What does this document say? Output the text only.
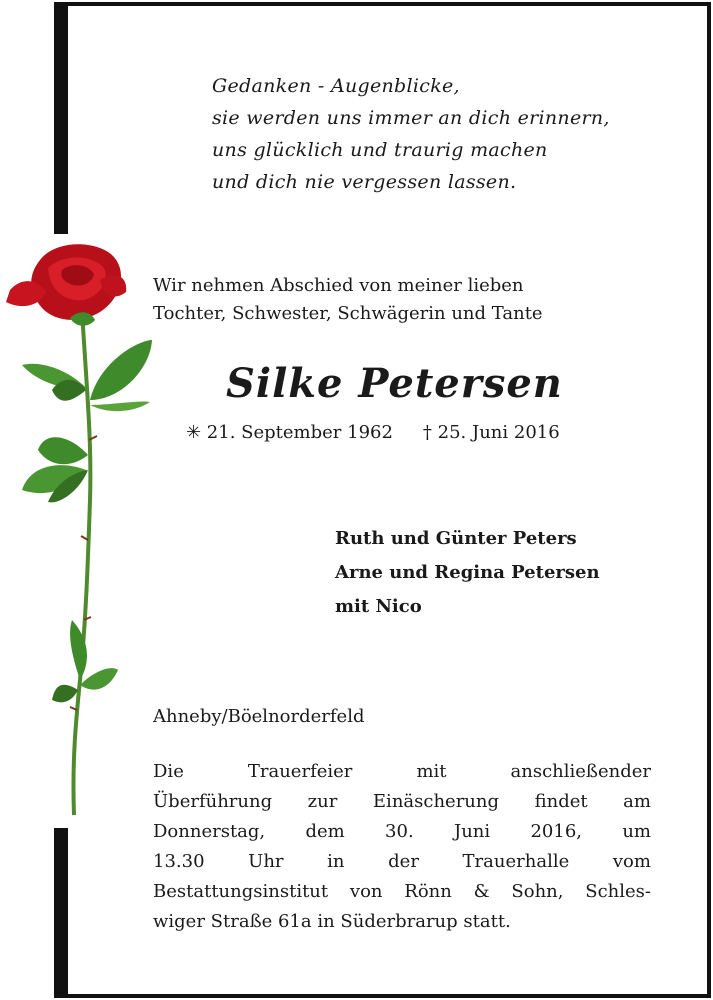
Gedanken - Augenblicke,
sie werden uns immer an dich erinnern,
uns glücklich und traurig machen
und dich nie vergessen lassen.
Wir nehmen Abschied von meiner lieben
Tochter, Schwester, Schwägerin und Tante
Silke Petersen
✳ 21. September 1962 † 25. Juni 2016
Ruth und Günter Peters
Arne und Regina Petersen
mit Nico
Ahneby/Böelnorderfeld
Die	Trauerfeier	mit	anschließender
Überführung zur Einäscherung findet am
Donnerstag, dem 30. Juni 2016, um
13.30 Uhr in der Trauerhalle vom
Bestattungsinstitut von Rönn & Sohn, Schles-
wiger Straße 61a in Süderbrarup statt.
